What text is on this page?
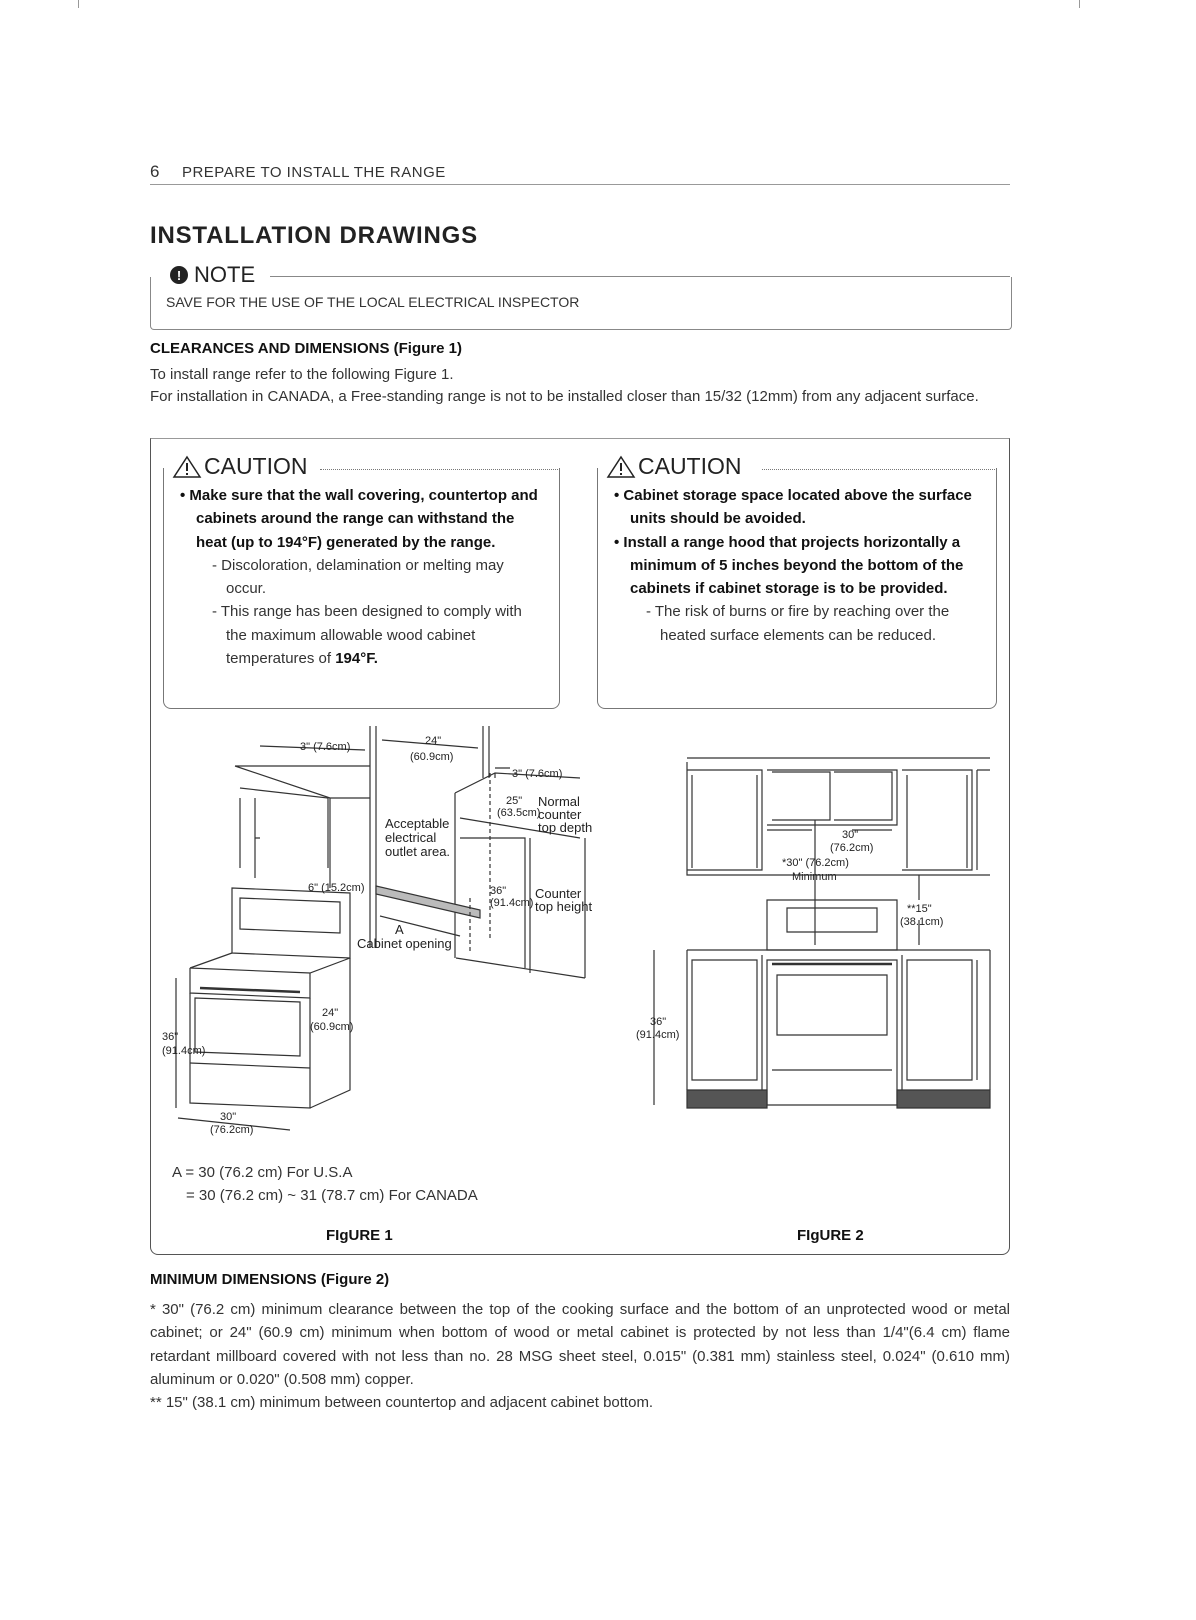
6 PREPARE TO INSTALL THE RANGE
INSTALLATION DRAWINGS
! NOTE
SAVE FOR THE USE OF THE LOCAL ELECTRICAL INSPECTOR
CLEARANCES AND DIMENSIONS (Figure 1)
To install range refer to the following Figure 1.
For installation in CANADA, a Free-standing range is not to be installed closer than 15/32 (12mm) from any adjacent surface.
CAUTION
• Make sure that the wall covering, countertop and cabinets around the range can withstand the heat (up to 194°F) generated by the range.
- Discoloration, delamination or melting may occur.
- This range has been designed to comply with the maximum allowable wood cabinet temperatures of 194°F.
CAUTION
• Cabinet storage space located above the surface units should be avoided.
• Install a range hood that projects horizontally a minimum of 5 inches beyond the bottom of the cabinets if cabinet storage is to be provided.
- The risk of burns or fire by reaching over the heated surface elements can be reduced.
3" (7.6cm)	24"
(60.9cm)
3" (7.6cm)
25"
(63.5cm)
Normal
counter
top depth
Acceptable
electrical
outlet area.
6" (15.2cm)	36"
(91.4cm)
Counter
top height
A
Cabinet opening
24"
(60.9cm)
36"
(91.4cm)
30"
(76.2cm)
30"
(76.2cm)
*30" (76.2cm)
Minimum
**15"
(38.1cm)
36"
(91.4cm)
A = 30 (76.2 cm) For U.S.A
= 30 (76.2 cm) ~ 31 (78.7 cm) For CANADA
FIgURE 1	FIgURE 2
MINIMUM DIMENSIONS (Figure 2)
* 30" (76.2 cm) minimum clearance between the top of the cooking surface and the bottom of an unprotected wood or metal cabinet; or 24" (60.9 cm) minimum when bottom of wood or metal cabinet is protected by not less than 1/4"(6.4 cm) flame retardant millboard covered with not less than no. 28 MSG sheet steel, 0.015" (0.381 mm) stainless steel, 0.024" (0.610 mm) aluminum or 0.020" (0.508 mm) copper.
** 15" (38.1 cm) minimum between countertop and adjacent cabinet bottom.
